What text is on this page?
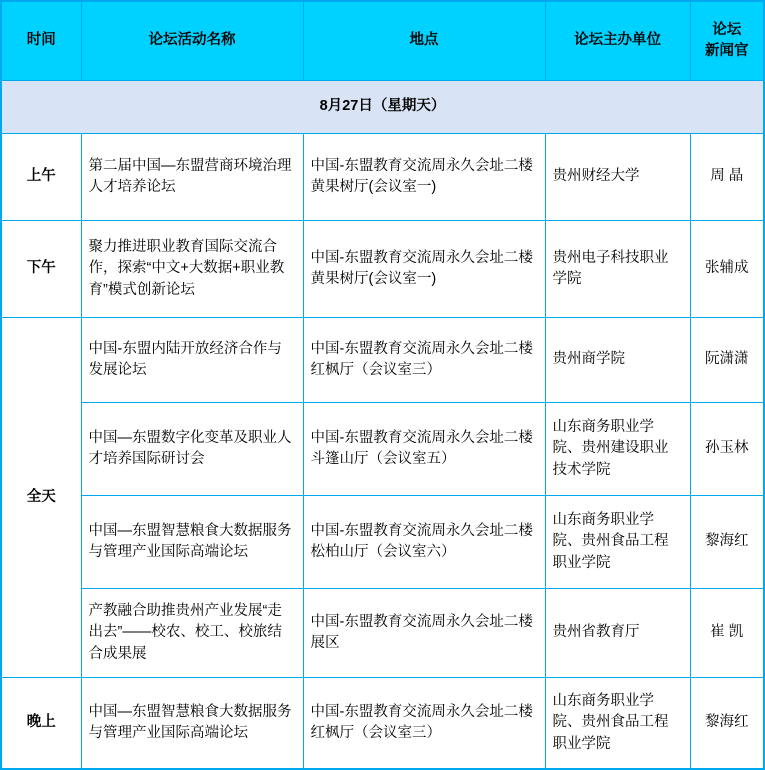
时间	论坛活动名称	地点	论坛主办单位	论坛
新闻官

8月27日（星期天）				
上午	第二届中国—东盟营商环境治理人才培养论坛	中国-东盟教育交流周永久会址二楼黄果树厅(会议室一)	贵州财经大学	周 晶
下午	聚力推进职业教育国际交流合作，探索“中文+大数据+职业教育”模式创新论坛	中国-东盟教育交流周永久会址二楼黄果树厅(会议室一)	贵州电子科技职业学院	张辅成
全天	中国-东盟内陆开放经济合作与发展论坛	中国-东盟教育交流周永久会址二楼红枫厅（会议室三）	贵州商学院	阮潇潇
	中国—东盟数字化变革及职业人才培养国际研讨会	中国-东盟教育交流周永久会址二楼斗篷山厅（会议室五）	山东商务职业学院、贵州建设职业技术学院	孙玉林
	中国—东盟智慧粮食大数据服务与管理产业国际高端论坛	中国-东盟教育交流周永久会址二楼松柏山厅（会议室六）	山东商务职业学院、贵州食品工程职业学院	黎海红
	产教融合助推贵州产业发展“走出去”——校农、校工、校旅结合成果展	中国-东盟教育交流周永久会址二楼展区	贵州省教育厅	崔 凯
晚上	中国—东盟智慧粮食大数据服务与管理产业国际高端论坛	中国-东盟教育交流周永久会址二楼红枫厅（会议室三）	山东商务职业学院、贵州食品工程职业学院	黎海红
